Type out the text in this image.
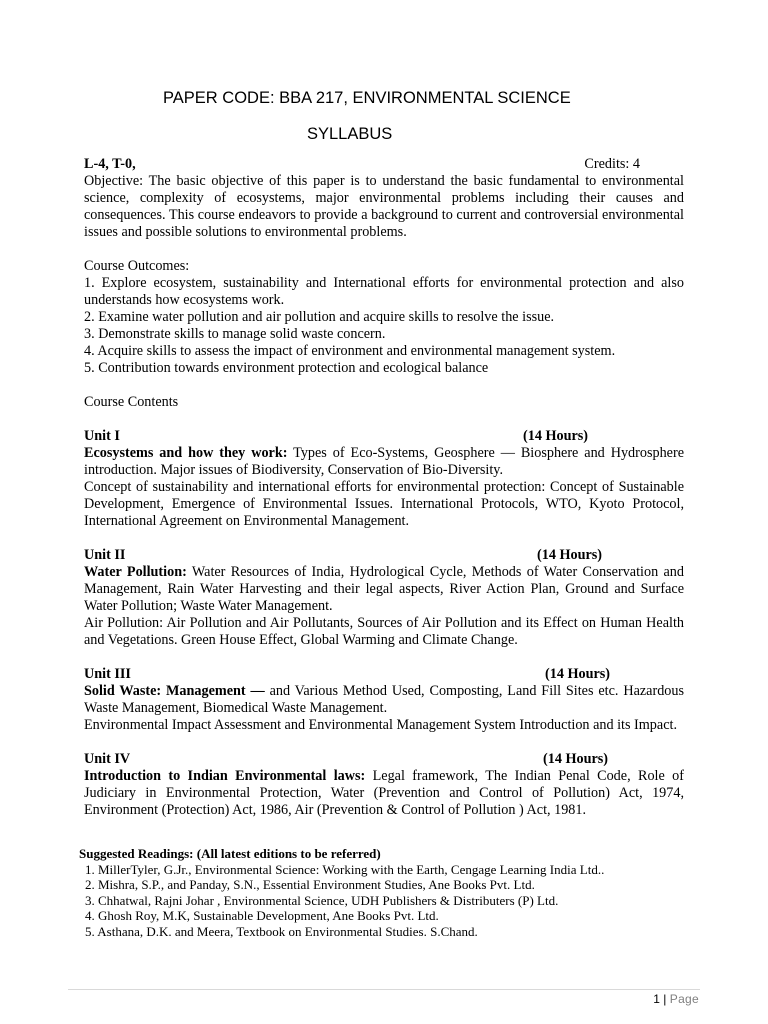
PAPER CODE: BBA 217, ENVIRONMENTAL SCIENCE
SYLLABUS
L-4, T-0,	Credits: 4

Objective: The basic objective of this paper is to understand the basic fundamental to environmental science, complexity of ecosystems, major environmental problems including their causes and consequences. This course endeavors to provide a background to current and controversial environmental issues and possible solutions to environmental problems.

Course Outcomes:

1. Explore ecosystem, sustainability and International efforts for environmental protection and also understands how ecosystems work.

2. Examine water pollution and air pollution and acquire skills to resolve the issue.

3. Demonstrate skills to manage solid waste concern.

4. Acquire skills to assess the impact of environment and environmental management system.

5. Contribution towards environment protection and ecological balance

Course Contents

Unit I	(14 Hours)

Ecosystems and how they work: Types of Eco-Systems, Geosphere — Biosphere and Hydrosphere introduction. Major issues of Biodiversity, Conservation of Bio-Diversity.

Concept of sustainability and international efforts for environmental protection: Concept of Sustainable Development, Emergence of Environmental Issues. International Protocols, WTO, Kyoto Protocol, International Agreement on Environmental Management.

Unit II	(14 Hours)

Water Pollution: Water Resources of India, Hydrological Cycle, Methods of Water Conservation and Management, Rain Water Harvesting and their legal aspects, River Action Plan, Ground and Surface Water Pollution; Waste Water Management.

Air Pollution: Air Pollution and Air Pollutants, Sources of Air Pollution and its Effect on Human Health and Vegetations. Green House Effect, Global Warming and Climate Change.

Unit III	(14 Hours)

Solid Waste: Management — and Various Method Used, Composting, Land Fill Sites etc. Hazardous Waste Management, Biomedical Waste Management.

Environmental Impact Assessment and Environmental Management System Introduction and its Impact.

Unit IV	(14 Hours)

Introduction to Indian Environmental laws: Legal framework, The Indian Penal Code, Role of Judiciary in Environmental Protection, Water (Prevention and Control of Pollution) Act, 1974, Environment (Protection) Act, 1986, Air (Prevention & Control of Pollution ) Act, 1981.

Suggested Readings: (All latest editions to be referred)
1. MillerTyler, G.Jr., Environmental Science: Working with the Earth, Cengage Learning India Ltd..
2. Mishra, S.P., and Panday, S.N., Essential Environment Studies, Ane Books Pvt. Ltd.
3. Chhatwal, Rajni Johar , Environmental Science, UDH Publishers & Distributers (P) Ltd.
4. Ghosh Roy, M.K, Sustainable Development, Ane Books Pvt. Ltd.
5. Asthana, D.K. and Meera, Textbook on Environmental Studies. S.Chand.
1 | Page
